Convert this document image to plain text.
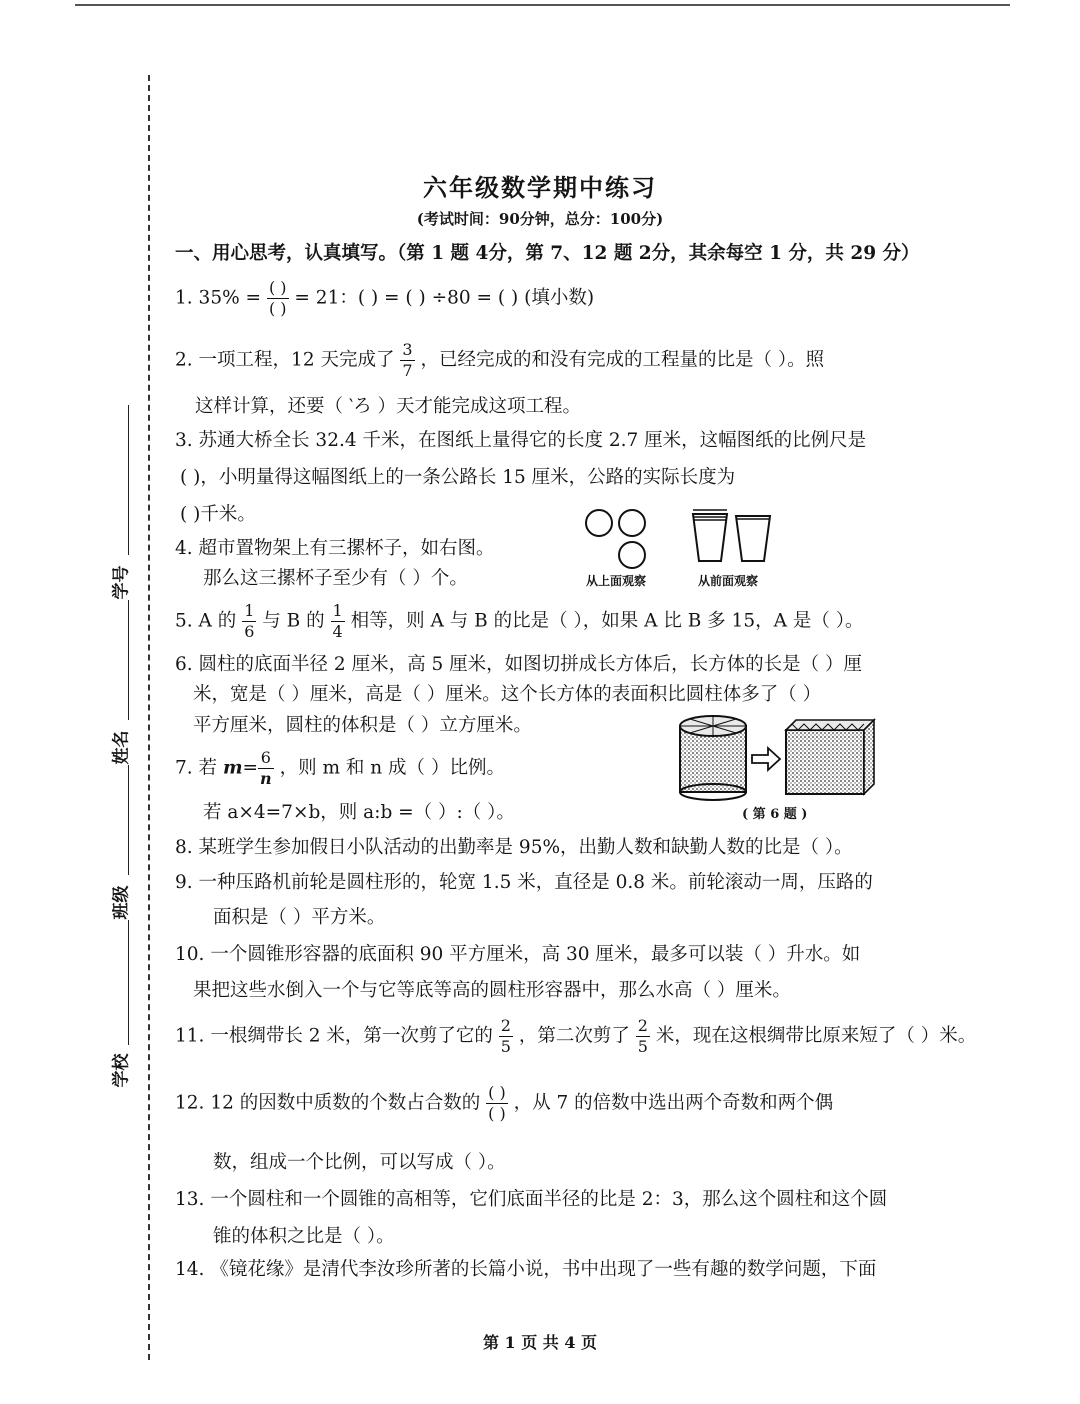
学号
姓名
班级
学校
六年级数学期中练习
(考试时间：90分钟，总分：100分)
一、用心思考，认真填写。（第 1 题 4分，第 7、12 题 2分，其余每空 1 分，共 29 分）
1. $35\% = \frac{( )}{( )} = 21$：( ) = ( ) ÷80 = ( ) (填小数)
2. 一项工程，12 天完成了 $\frac{3}{7}$ ，已经完成的和没有完成的工程量的比是（ ）。照
这样计算，还要（ ‵ろ ）天才能完成这项工程。
3. 苏通大桥全长 32.4 千米，在图纸上量得它的长度 2.7 厘米，这幅图纸的比例尺是
( )，小明量得这幅图纸上的一条公路长 15 厘米，公路的实际长度为
( )千米。
4. 超市置物架上有三摞杯子，如右图。
那么这三摞杯子至少有（ ）个。	从上面观察	从前面观察
5. A 的 $\frac{1}{6}$ 与 B 的 $\frac{1}{4}$ 相等，则 A 与 B 的比是（ ），如果 A 比 B 多 15，A 是（ ）。
6. 圆柱的底面半径 2 厘米，高 5 厘米，如图切拼成长方体后，长方体的长是（ ）厘
米，宽是（ ）厘米，高是（ ）厘米。这个长方体的表面积比圆柱体多了（ ）
平方厘米，圆柱的体积是（ ）立方厘米。
( 第 6 题 )
7. 若 $m= \frac{6}{n}$ ，则 m 和 n 成（ ）比例。
若 a×4=7×b，则 a:b =（ ）:（ ）。
8. 某班学生参加假日小队活动的出勤率是 95%，出勤人数和缺勤人数的比是（ ）。
9. 一种压路机前轮是圆柱形的，轮宽 1.5 米，直径是 0.8 米。前轮滚动一周，压路的
面积是（ ）平方米。
10. 一个圆锥形容器的底面积 90 平方厘米，高 30 厘米，最多可以装（ ）升水。如
果把这些水倒入一个与它等底等高的圆柱形容器中，那么水高（ ）厘米。
11. 一根绸带长 2 米，第一次剪了它的 $\frac{2}{5}$ ，第二次剪了 $\frac{2}{5}$ 米，现在这根绸带比原来短了（ ）米。
12. 12 的因数中质数的个数占合数的 $\frac{( )}{( )}$ ，从 7 的倍数中选出两个奇数和两个偶
数，组成一个比例，可以写成（ ）。
13. 一个圆柱和一个圆锥的高相等，它们底面半径的比是 2：3，那么这个圆柱和这个圆
锥的体积之比是（ ）。
14. 《镜花缘》是清代李汝珍所著的长篇小说，书中出现了一些有趣的数学问题，下面
第 1 页 共 4 页
